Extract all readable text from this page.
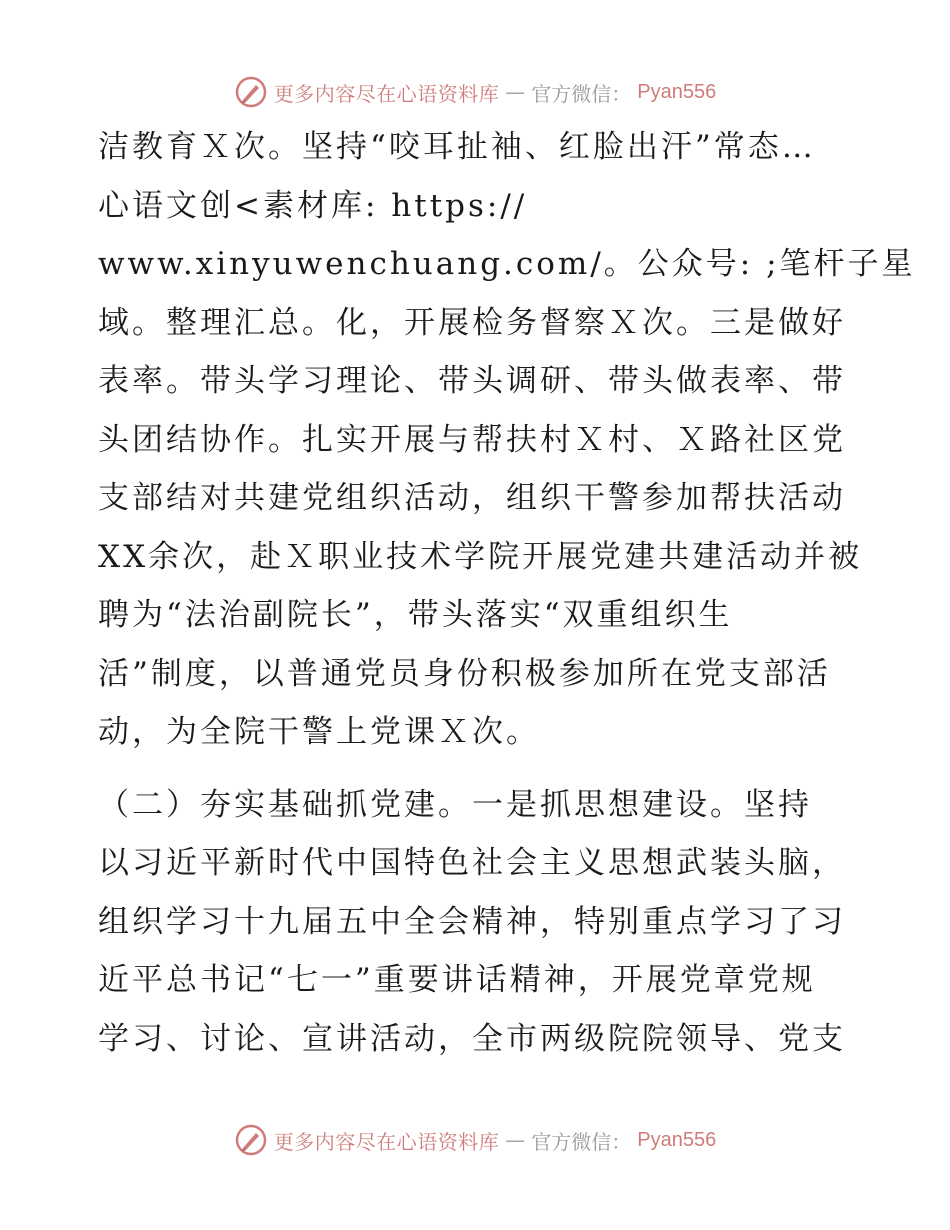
更多内容尽在心语资料库 — 官方微信： Pyan556
洁教育Ｘ次。坚持“咬耳扯袖、红脸出汗”常态…
心语文创<素材库: https://
www.xinyuwenchuang.com/。公众号: ;笔杆子星
域。整理汇总。化，开展检务督察Ｘ次。三是做好
表率。带头学习理论、带头调研、带头做表率、带
头团结协作。扎实开展与帮扶村Ｘ村、Ｘ路社区党
支部结对共建党组织活动，组织干警参加帮扶活动
XX余次，赴Ｘ职业技术学院开展党建共建活动并被
聘为“法治副院长”，带头落实“双重组织生
活”制度，以普通党员身份积极参加所在党支部活
动，为全院干警上党课Ｘ次。
（二）夯实基础抓党建。一是抓思想建设。坚持
以习近平新时代中国特色社会主义思想武装头脑，
组织学习十九届五中全会精神，特别重点学习了习
近平总书记“七一”重要讲话精神，开展党章党规
学习、讨论、宣讲活动，全市两级院院领导、党支
更多内容尽在心语资料库 — 官方微信： Pyan556
